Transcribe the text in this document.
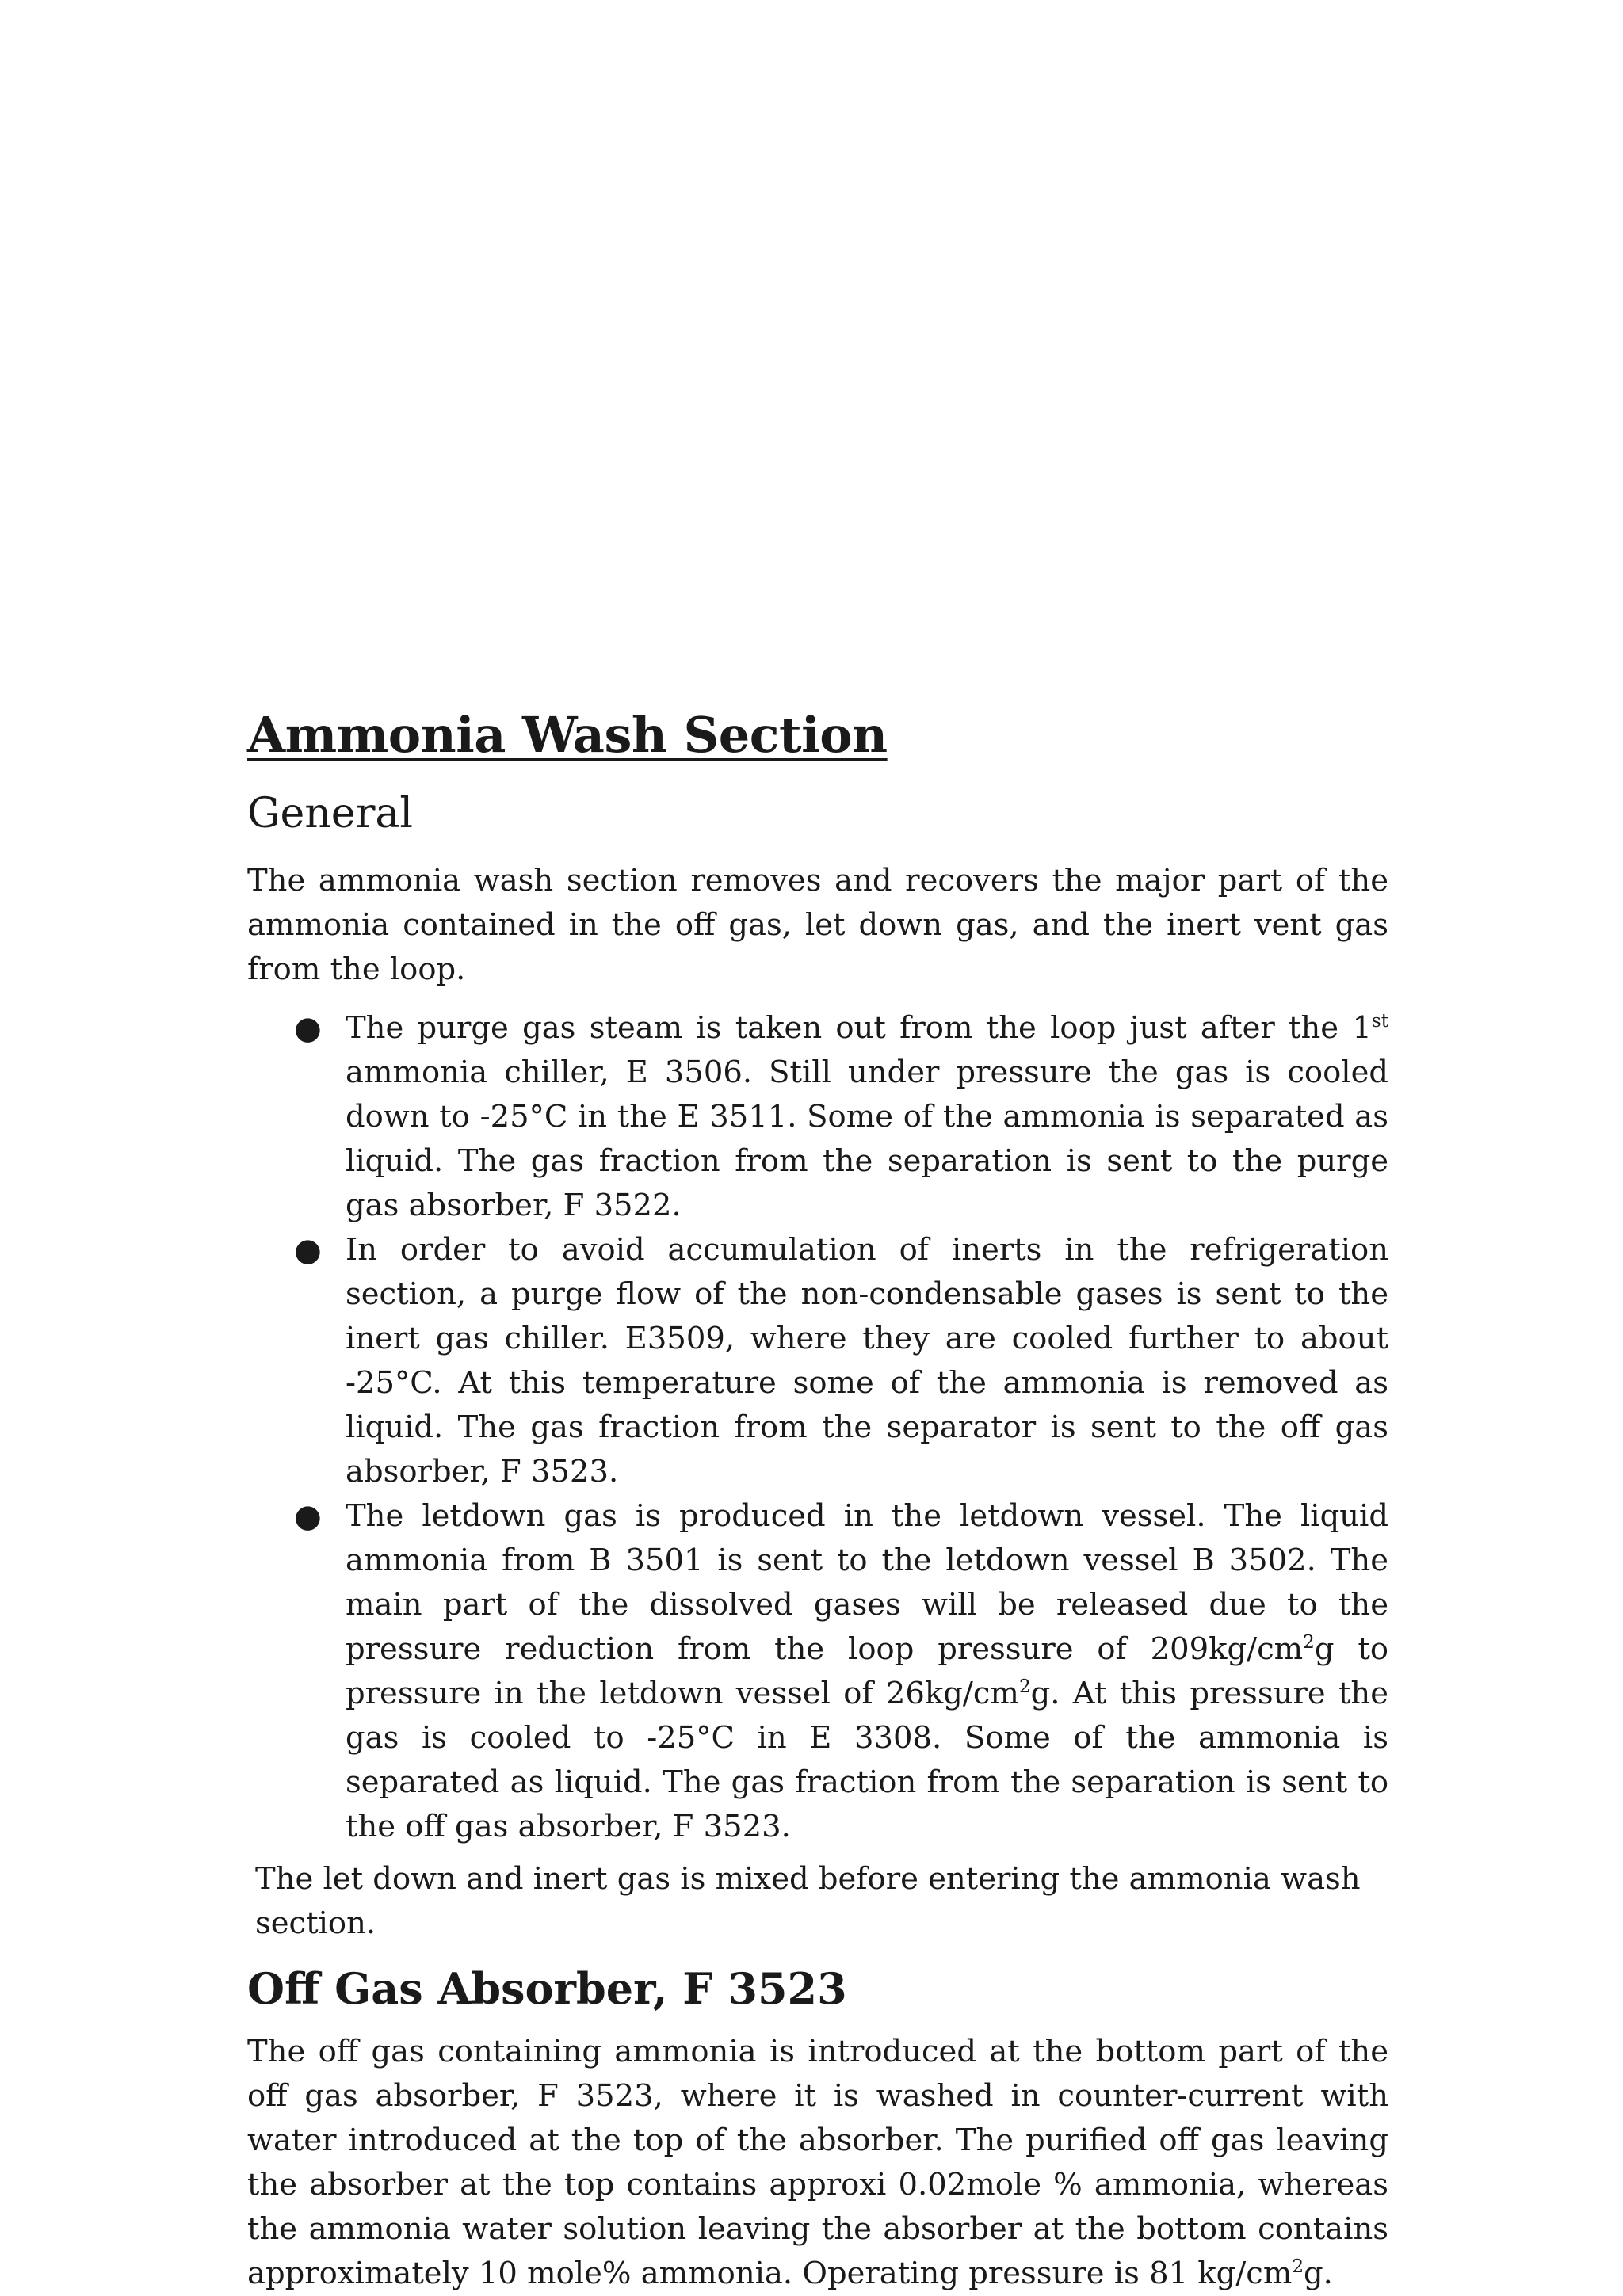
Ammonia Wash Section
General

The ammonia wash section removes and recovers the major part of the ammonia contained in the off gas, let down gas, and the inert vent gas from the loop.

● The purge gas steam is taken out from the loop just after the 1st ammonia chiller, E 3506. Still under pressure the gas is cooled down to -25°C in the E 3511. Some of the ammonia is separated as liquid. The gas fraction from the separation is sent to the purge gas absorber, F 3522.
● In order to avoid accumulation of inerts in the refrigeration section, a purge flow of the non-condensable gases is sent to the inert gas chiller. E3509, where they are cooled further to about -25°C. At this temperature some of the ammonia is removed as liquid. The gas fraction from the separator is sent to the off gas absorber, F 3523.
● The letdown gas is produced in the letdown vessel. The liquid ammonia from B 3501 is sent to the letdown vessel B 3502. The main part of the dissolved gases will be released due to the pressure reduction from the loop pressure of $209kg/cm^2g$ to pressure in the letdown vessel of $26kg/cm^2g$. At this pressure the gas is cooled to -25°C in E 3308. Some of the ammonia is separated as liquid. The gas fraction from the separation is sent to the off gas absorber, F 3523.

The let down and inert gas is mixed before entering the ammonia wash section.

Off Gas Absorber, F 3523

The off gas containing ammonia is introduced at the bottom part of the off gas absorber, F 3523, where it is washed in counter-current with water introduced at the top of the absorber. The purified off gas leaving the absorber at the top contains approxi 0.02mole % ammonia, whereas the ammonia water solution leaving the absorber at the bottom contains approximately 10 mole% ammonia. Operating pressure is 81 $kg/cm^2g$.
